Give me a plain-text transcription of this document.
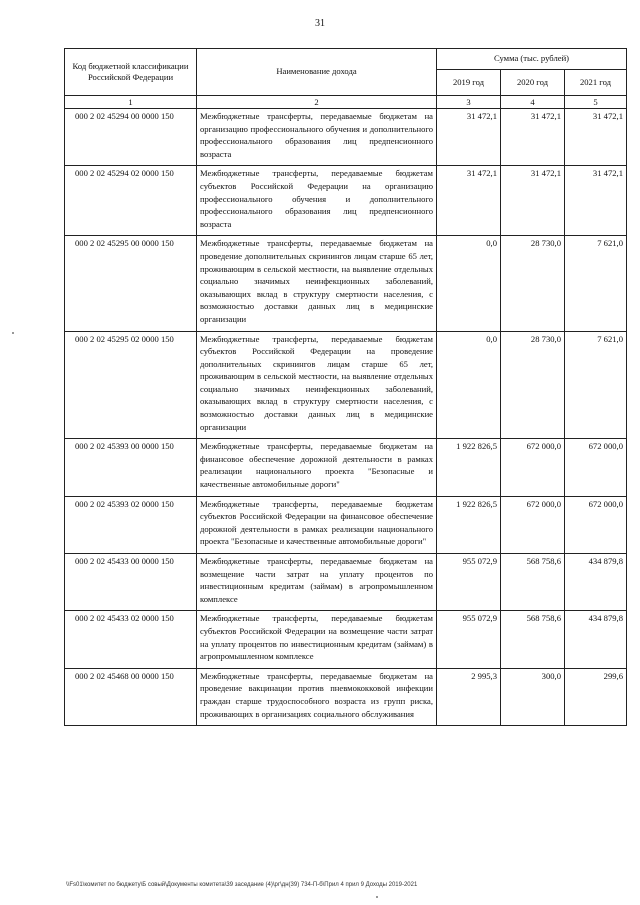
31
Код бюджетной классификации Российской Федерации	Наименование дохода	Сумма (тыс. рублей)		
		2019 год	2020 год	2021 год
1	2	3	4	5
000 2 02 45294 00 0000 150	Межбюджетные трансферты, передаваемые бюджетам на организацию профессионального обучения и дополнительного профессионального образования лиц предпенсионного возраста	31 472,1	31 472,1	31 472,1
000 2 02 45294 02 0000 150	Межбюджетные трансферты, передаваемые бюджетам субъектов Российской Федерации на организацию профессионального обучения и дополнительного профессионального образования лиц предпенсионного возраста	31 472,1	31 472,1	31 472,1
000 2 02 45295 00 0000 150	Межбюджетные трансферты, передаваемые бюджетам на проведение дополнительных скринингов лицам старше 65 лет, проживающим в сельской местности, на выявление отдельных социально значимых неинфекционных заболеваний, оказывающих вклад в структуру смертности населения, с возможностью доставки данных лиц в медицинские организации	0,0	28 730,0	7 621,0
000 2 02 45295 02 0000 150	Межбюджетные трансферты, передаваемые бюджетам субъектов Российской Федерации на проведение дополнительных скринингов лицам старше 65 лет, проживающим в сельской местности, на выявление отдельных социально значимых неинфекционных заболеваний, оказывающих вклад в структуру смертности населения, с возможностью доставки данных лиц в медицинские организации	0,0	28 730,0	7 621,0
000 2 02 45393 00 0000 150	Межбюджетные трансферты, передаваемые бюджетам на финансовое обеспечение дорожной деятельности в рамках реализации национального проекта "Безопасные и качественные автомобильные дороги"	1 922 826,5	672 000,0	672 000,0
000 2 02 45393 02 0000 150	Межбюджетные трансферты, передаваемые бюджетам субъектов Российской Федерации на финансовое обеспечение дорожной деятельности в рамках реализации национального проекта "Безопасные и качественные автомобильные дороги"	1 922 826,5	672 000,0	672 000,0
000 2 02 45433 00 0000 150	Межбюджетные трансферты, передаваемые бюджетам на возмещение части затрат на уплату процентов по инвестиционным кредитам (займам) в агропромышленном комплексе	955 072,9	568 758,6	434 879,8
000 2 02 45433 02 0000 150	Межбюджетные трансферты, передаваемые бюджетам субъектов Российской Федерации на возмещение части затрат на уплату процентов по инвестиционным кредитам (займам) в агропромышленном комплексе	955 072,9	568 758,6	434 879,8
000 2 02 45468 00 0000 150	Межбюджетные трансферты, передаваемые бюджетам на проведение вакцинации против пневмококковой инфекции граждан старше трудоспособного возраста из групп риска, проживающих в организациях социального обслуживания	2 995,3	300,0	299,6
\\Fs01\комитет по бюджету\Б совый\Документы комитета\39 заседание (4)\рг\дн(39) 734-П-б\Прил 4 прил 9 Доходы 2019-2021
